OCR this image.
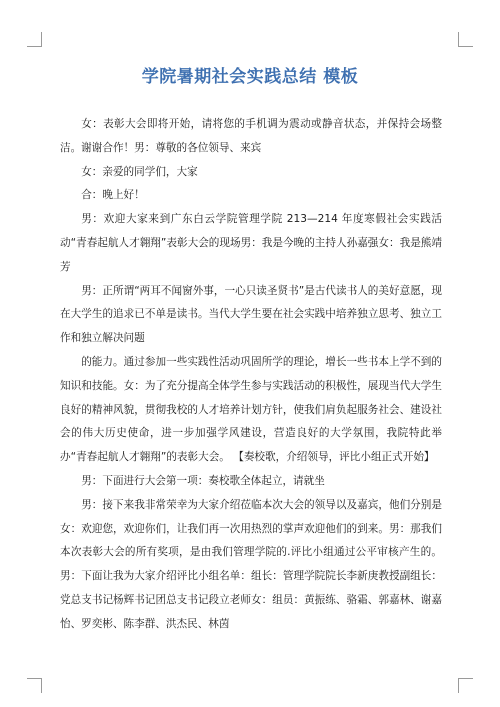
学院暑期社会实践总结 模板

女：表彰大会即将开始，请将您的手机调为震动或静音状态，并保持会场整洁。谢谢合作！男：尊敬的各位领导、来宾

女：亲爱的同学们，大家

合：晚上好！

男：欢迎大家来到广东白云学院管理学院 213—214 年度寒假社会实践活动“青春起航人才翱翔”表彰大会的现场男：我是今晚的主持人孙嘉强女：我是熊靖芳

男：正所谓“两耳不闻窗外事，一心只读圣贤书”是古代读书人的美好意愿，现在大学生的追求已不单是读书。当代大学生要在社会实践中培养独立思考、独立工作和独立解决问题

的能力。通过参加一些实践性活动巩固所学的理论，增长一些书本上学不到的知识和技能。女：为了充分提高全体学生参与实践活动的积极性，展现当代大学生良好的精神风貌，贯彻我校的人才培养计划方针，使我们肩负起服务社会、建设社会的伟大历史使命，进一步加强学风建设，营造良好的大学氛围，我院特此举办“青春起航人才翱翔”的表彰大会。 【奏校歌，介绍领导，评比小组正式开始】

男：下面进行大会第一项：奏校歌全体起立，请就坐

男：接下来我非常荣幸为大家介绍莅临本次大会的领导以及嘉宾，他们分别是女：欢迎您，欢迎你们，让我们再一次用热烈的掌声欢迎他们的到来。男：那我们本次表彰大会的所有奖项，是由我们管理学院的.评比小组通过公平审核产生的。男：下面让我为大家介绍评比小组名单：组长：管理学院院长李新庚教授副组长：党总支书记杨辉书记团总支书记段立老师女：组员：黄振练、骆霜、郭嘉林、谢嘉怡、罗奕彬、陈李群、洪杰民、林茵
